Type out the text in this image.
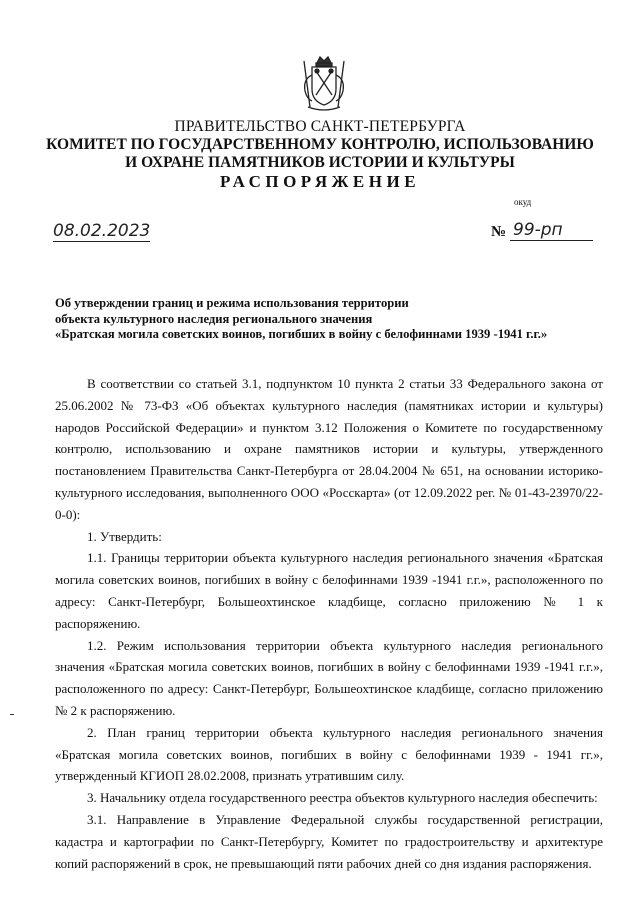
ПРАВИТЕЛЬСТВО САНКТ-ПЕТЕРБУРГА
КОМИТЕТ ПО ГОСУДАРСТВЕННОМУ КОНТРОЛЮ, ИСПОЛЬЗОВАНИЮ
И ОХРАНЕ ПАМЯТНИКОВ ИСТОРИИ И КУЛЬТУРЫ
РАСПОРЯЖЕНИЕ
окуд
08.02.2023	№ 99-рп
Об утверждении границ и режима использования территории
объекта культурного наследия регионального значения
«Братская могила советских воинов, погибших в войну с белофиннами 1939 -1941 г.г.»

В соответствии со статьей 3.1, подпунктом 10 пункта 2 статьи 33 Федерального закона от 25.06.2002 № 73-ФЗ «Об объектах культурного наследия (памятниках истории и культуры) народов Российской Федерации» и пунктом 3.12 Положения о Комитете по государственному контролю, использованию и охране памятников истории и культуры, утвержденного постановлением Правительства Санкт-Петербурга от 28.04.2004 № 651, на основании историко-культурного исследования, выполненного ООО «Росскарта» (от 12.09.2022 рег. № 01-43-23970/22-0-0):

1. Утвердить:

1.1. Границы территории объекта культурного наследия регионального значения «Братская могила советских воинов, погибших в войну с белофиннами 1939 -1941 г.г.», расположенного по адресу: Санкт-Петербург, Большеохтинское кладбище, согласно приложению № 1 к распоряжению.

1.2. Режим использования территории объекта культурного наследия регионального значения «Братская могила советских воинов, погибших в войну с белофиннами 1939 -1941 г.г.», расположенного по адресу: Санкт-Петербург, Большеохтинское кладбище, согласно приложению № 2 к распоряжению.

2. План границ территории объекта культурного наследия регионального значения «Братская могила советских воинов, погибших в войну с белофиннами 1939 - 1941 гг.», утвержденный КГИОП 28.02.2008, признать утратившим силу.

3. Начальнику отдела государственного реестра объектов культурного наследия обеспечить:

3.1. Направление в Управление Федеральной службы государственной регистрации, кадастра и картографии по Санкт-Петербургу, Комитет по градостроительству и архитектуре копий распоряжений в срок, не превышающий пяти рабочих дней со дня издания распоряжения.
